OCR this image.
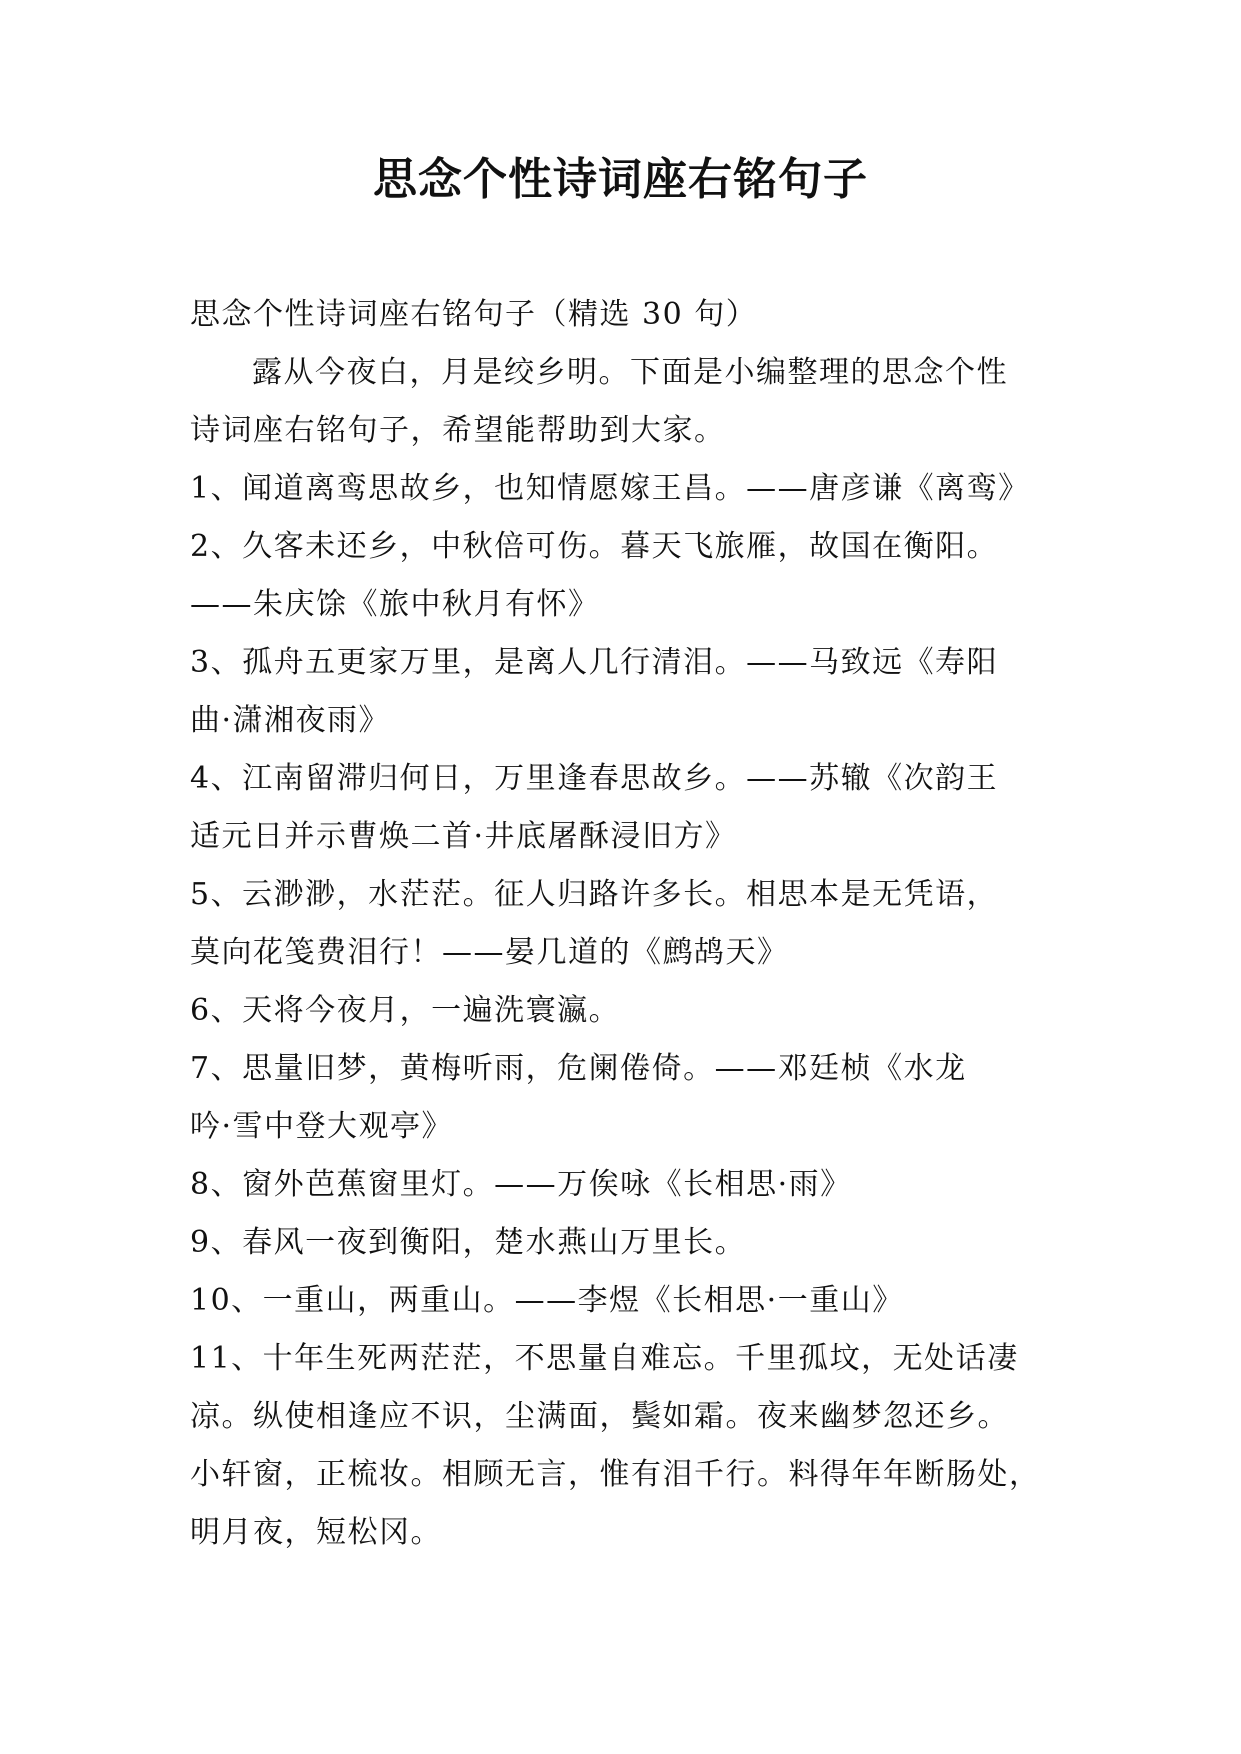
思念个性诗词座右铭句子

思念个性诗词座右铭句子（精选 30 句）

露从今夜白，月是绞乡明。下面是小编整理的思念个性

诗词座右铭句子，希望能帮助到大家。

1、闻道离鸾思故乡，也知情愿嫁王昌。——唐彦谦《离鸾》

2、久客未还乡，中秋倍可伤。暮天飞旅雁，故国在衡阳。

——朱庆馀《旅中秋月有怀》

3、孤舟五更家万里，是离人几行清泪。——马致远《寿阳

曲·潇湘夜雨》

4、江南留滞归何日，万里逢春思故乡。——苏辙《次韵王

适元日并示曹焕二首·井底屠酥浸旧方》

5、云渺渺，水茫茫。征人归路许多长。相思本是无凭语，

莫向花笺费泪行！——晏几道的《鹧鸪天》

6、天将今夜月，一遍洗寰瀛。

7、思量旧梦，黄梅听雨，危阑倦倚。——邓廷桢《水龙

吟·雪中登大观亭》

8、窗外芭蕉窗里灯。——万俟咏《长相思·雨》

9、春风一夜到衡阳，楚水燕山万里长。

10、一重山，两重山。——李煜《长相思·一重山》

11、十年生死两茫茫，不思量自难忘。千里孤坟，无处话凄

凉。纵使相逢应不识，尘满面，鬓如霜。夜来幽梦忽还乡。

小轩窗，正梳妆。相顾无言，惟有泪千行。料得年年断肠处，

明月夜，短松冈。
